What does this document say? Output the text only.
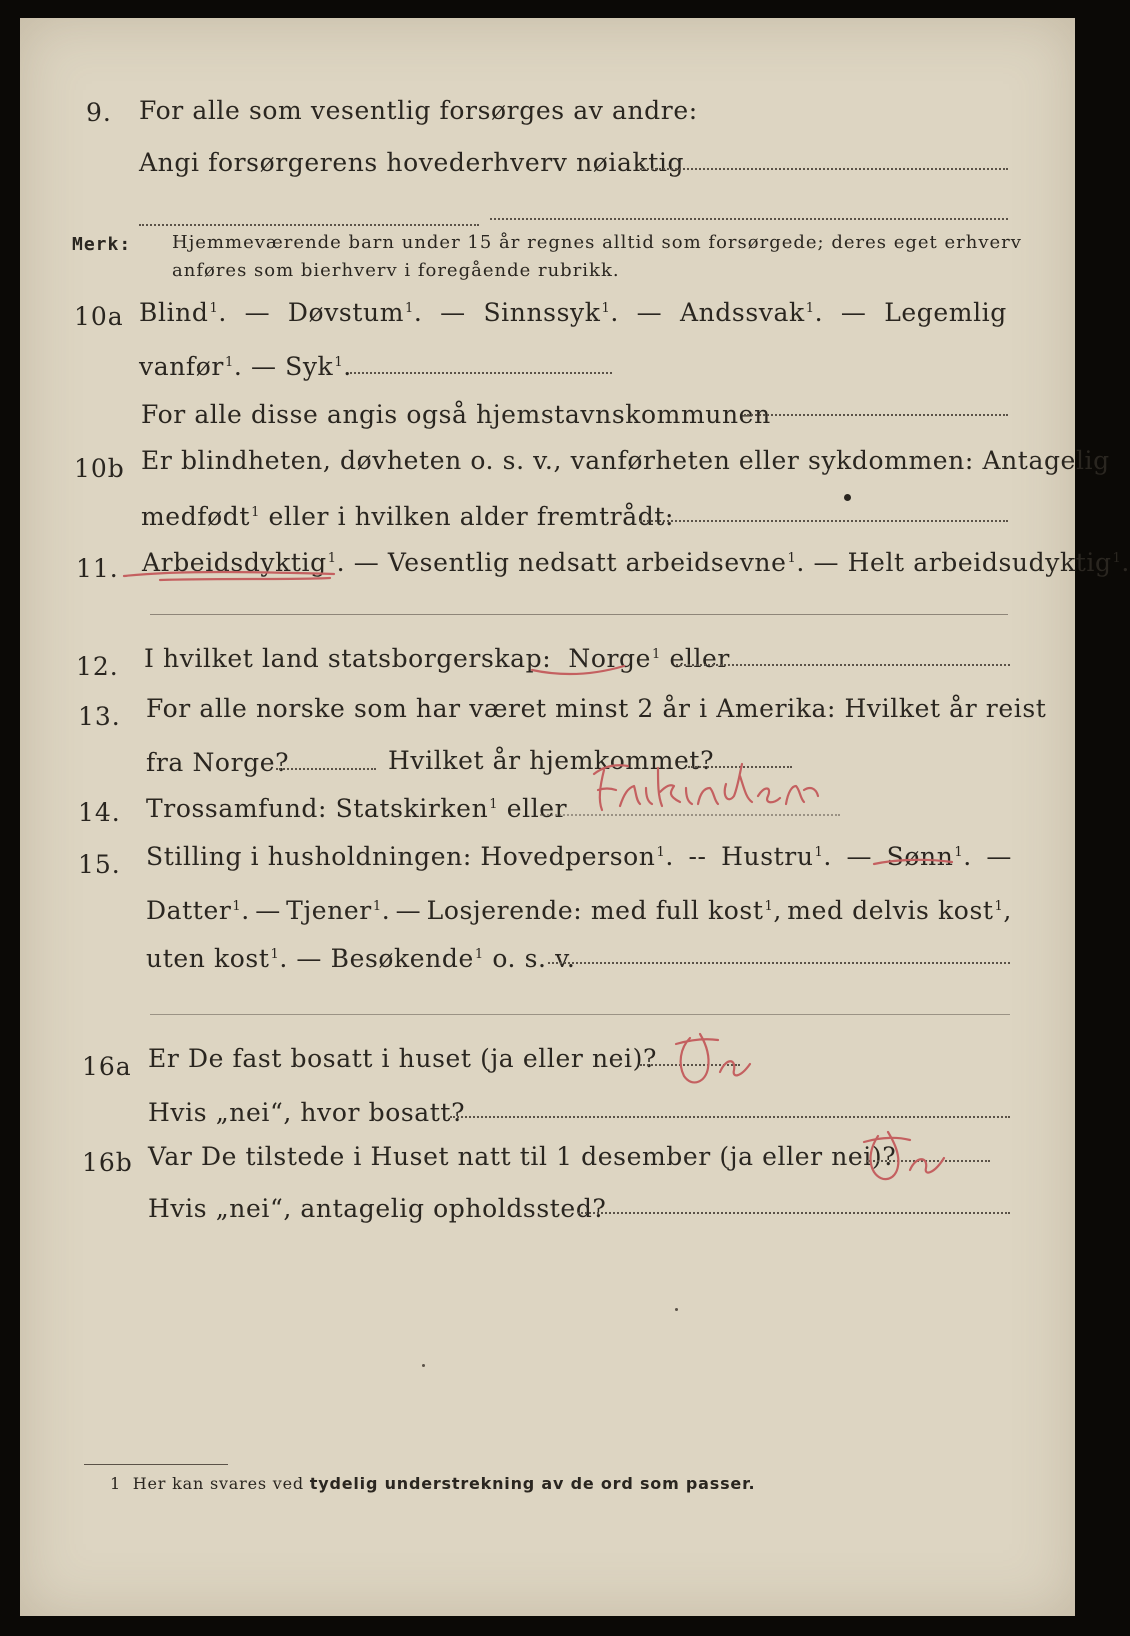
9. For alle som vesentlig forsørges av andre:
Angi forsørgerens hovederhverv nøiaktig
Merk: Hjemmeværende barn under 15 år regnes alltid som forsørgede; deres eget erhverv
anføres som bierhverv i foregående rubrikk.
10a Blind$^1$. — Døvstum$^1$. — Sinnssyk$^1$. — Andssvak$^1$. — Legemlig
vanfør$^1$. — Syk$^1$.
For alle disse angis også hjemstavnskommunen
10b Er blindheten, døvheten o. s. v., vanførheten eller sykdommen: Antagelig
medfødt$^1$ eller i hvilken alder fremtrådt:
11. Arbeidsdyktig$^1$. — Vesentlig nedsatt arbeidsevne$^1$. — Helt arbeidsudyktig$^1$.
12. I hvilket land statsborgerskap: Norge$^1$ eller
13. For alle norske som har været minst 2 år i Amerika: Hvilket år reist
fra Norge?	Hvilket år hjemkommet?
14. Trossamfund: Statskirken$^1$ eller
15. Stilling i husholdningen: Hovedperson$^1$. -- Hustru$^1$. — Sønn$^1$. —
Datter$^1$. — Tjener$^1$. — Losjerende: med full kost$^1$, med delvis kost$^1$,
uten kost$^1$. — Besøkende$^1$ o. s. v.
16a Er De fast bosatt i huset (ja eller nei)?
Hvis „nei“, hvor bosatt?
16b Var De tilstede i Huset natt til 1 desember (ja eller nei)?
Hvis „nei“, antagelig opholdssted?
1 Her kan svares ved tydelig understrekning av de ord som passer.
